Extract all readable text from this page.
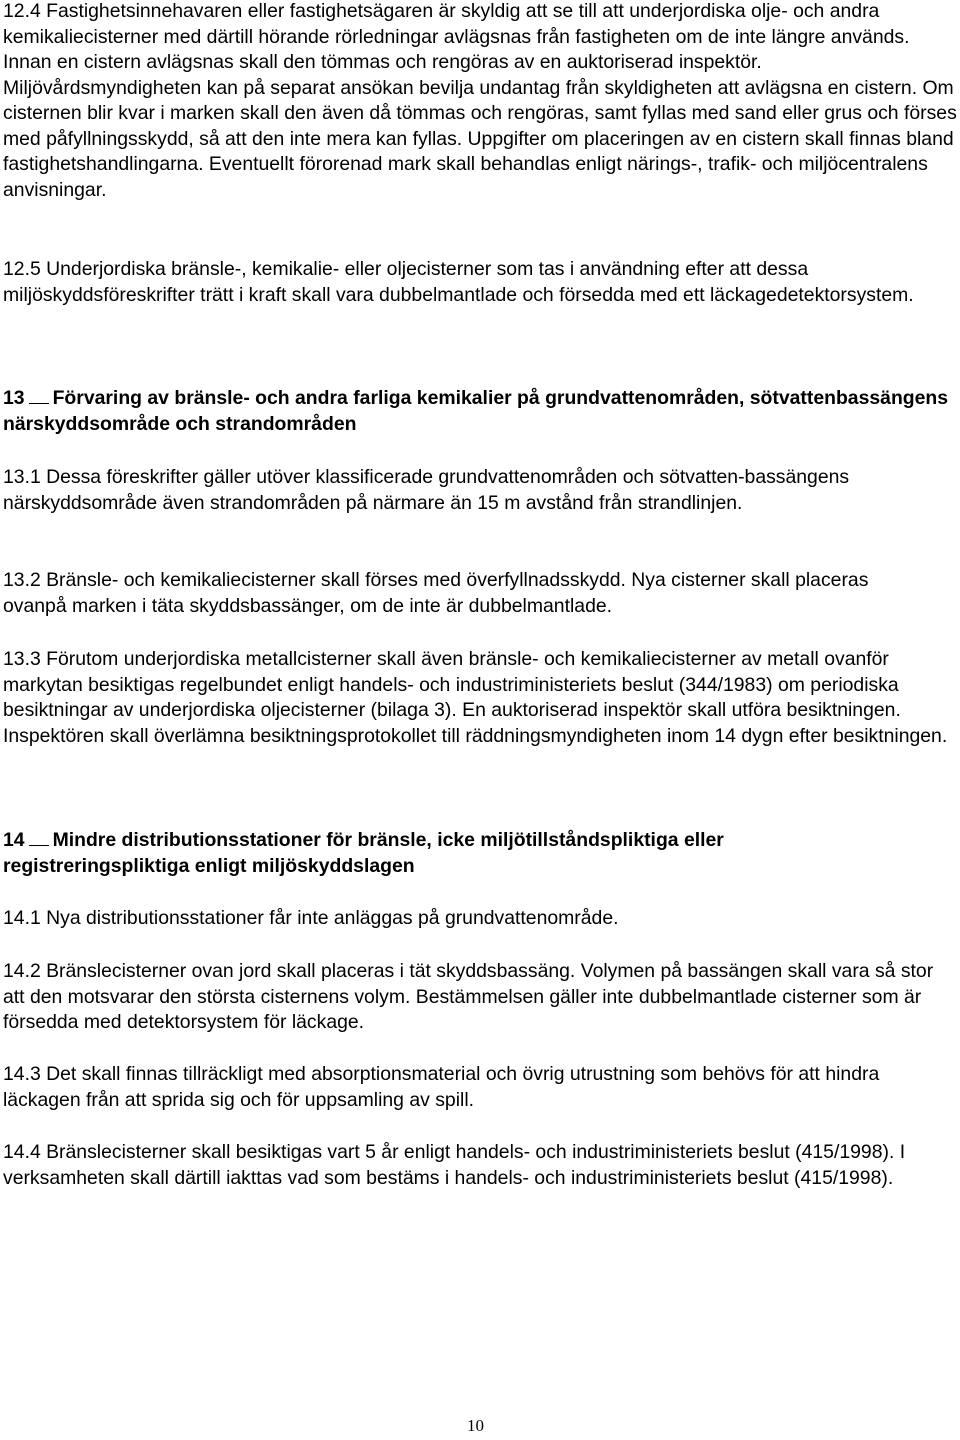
12.4 Fastighetsinnehavaren eller fastighetsägaren är skyldig att se till att underjordiska olje- och andra kemikaliecisterner med därtill hörande rörledningar avlägsnas från fastigheten om de inte längre används. Innan en cistern avlägsnas skall den tömmas och rengöras av en auktoriserad inspektör. Miljövårdsmyndigheten kan på separat ansökan bevilja undantag från skyldigheten att avlägsna en cistern. Om cisternen blir kvar i marken skall den även då tömmas och rengöras, samt fyllas med sand eller grus och förses med påfyllningsskydd, så att den inte mera kan fyllas. Uppgifter om placeringen av en cistern skall finnas bland fastighetshandlingarna. Eventuellt förorenad mark skall behandlas enligt närings-, trafik- och miljöcentralens anvisningar.

12.5 Underjordiska bränsle-, kemikalie- eller oljecisterner som tas i användning efter att dessa miljöskyddsföreskrifter trätt i kraft skall vara dubbelmantlade och försedda med ett läckagedetektorsystem.

13 Förvaring av bränsle- och andra farliga kemikalier på grundvattenområden, sötvattenbassängens närskyddsområde och strandområden

13.1 Dessa föreskrifter gäller utöver klassificerade grundvattenområden och sötvatten-bassängens närskyddsområde även strandområden på närmare än 15 m avstånd från strandlinjen.

13.2 Bränsle- och kemikaliecisterner skall förses med överfyllnadsskydd. Nya cisterner skall placeras ovanpå marken i täta skyddsbassänger, om de inte är dubbelmantlade.

13.3 Förutom underjordiska metallcisterner skall även bränsle- och kemikaliecisterner av metall ovanför markytan besiktigas regelbundet enligt handels- och industriministeriets beslut (344/1983) om periodiska besiktningar av underjordiska oljecisterner (bilaga 3). En auktoriserad inspektör skall utföra besiktningen. Inspektören skall överlämna besiktningsprotokollet till räddningsmyndigheten inom 14 dygn efter besiktningen.

14 Mindre distributionsstationer för bränsle, icke miljötillståndspliktiga eller registreringspliktiga enligt miljöskyddslagen

14.1 Nya distributionsstationer får inte anläggas på grundvattenområde.

14.2 Bränslecisterner ovan jord skall placeras i tät skyddsbassäng. Volymen på bassängen skall vara så stor att den motsvarar den största cisternens volym. Bestämmelsen gäller inte dubbelmantlade cisterner som är försedda med detektorsystem för läckage.

14.3 Det skall finnas tillräckligt med absorptionsmaterial och övrig utrustning som behövs för att hindra läckagen från att sprida sig och för uppsamling av spill.

14.4 Bränslecisterner skall besiktigas vart 5 år enligt handels- och industriministeriets beslut (415/1998). I verksamheten skall därtill iakttas vad som bestäms i handels- och industriministeriets beslut (415/1998).

10
